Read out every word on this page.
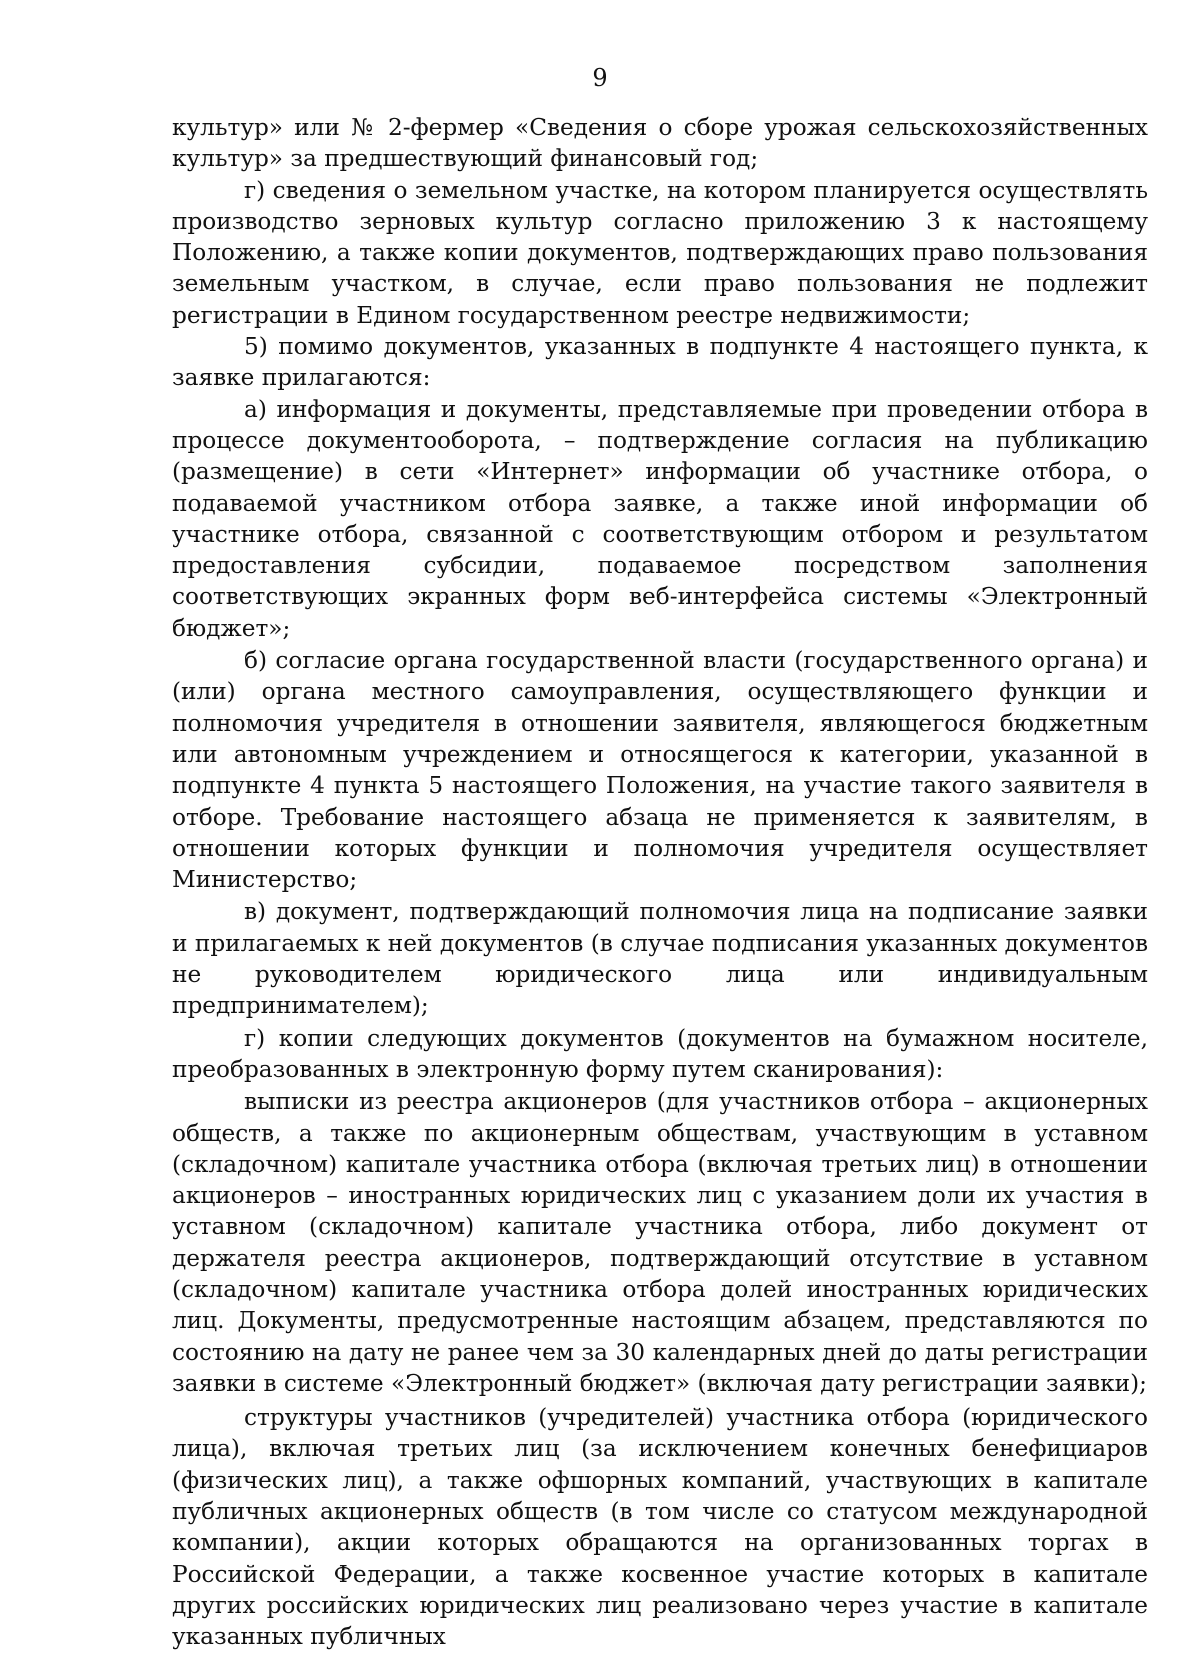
9

культур» или № 2-фермер «Сведения о сборе урожая сельскохозяйственных культур» за предшествующий финансовый год;

г) сведения о земельном участке, на котором планируется осуществлять производство зерновых культур согласно приложению 3 к настоящему Положению, а также копии документов, подтверждающих право пользования земельным участком, в случае, если право пользования не подлежит регистрации в Едином государственном реестре недвижимости;

5) помимо документов, указанных в подпункте 4 настоящего пункта, к заявке прилагаются:

а) информация и документы, представляемые при проведении отбора в процессе документооборота, – подтверждение согласия на публикацию (размещение) в сети «Интернет» информации об участнике отбора, о подаваемой участником отбора заявке, а также иной информации об участнике отбора, связанной с соответствующим отбором и результатом предоставления субсидии, подаваемое посредством заполнения соответствующих экранных форм веб-интерфейса системы «Электронный бюджет»;

б) согласие органа государственной власти (государственного органа) и (или) органа местного самоуправления, осуществляющего функции и полномочия учредителя в отношении заявителя, являющегося бюджетным или автономным учреждением и относящегося к категории, указанной в подпункте 4 пункта 5 настоящего Положения, на участие такого заявителя в отборе. Требование настоящего абзаца не применяется к заявителям, в отношении которых функции и полномочия учредителя осуществляет Министерство;

в) документ, подтверждающий полномочия лица на подписание заявки и прилагаемых к ней документов (в случае подписания указанных документов не руководителем юридического лица или индивидуальным предпринимателем);

г) копии следующих документов (документов на бумажном носителе, преобразованных в электронную форму путем сканирования):

выписки из реестра акционеров (для участников отбора – акционерных обществ, а также по акционерным обществам, участвующим в уставном (складочном) капитале участника отбора (включая третьих лиц) в отношении акционеров – иностранных юридических лиц с указанием доли их участия в уставном (складочном) капитале участника отбора, либо документ от держателя реестра акционеров, подтверждающий отсутствие в уставном (складочном) капитале участника отбора долей иностранных юридических лиц. Документы, предусмотренные настоящим абзацем, представляются по состоянию на дату не ранее чем за 30 календарных дней до даты регистрации заявки в системе «Электронный бюджет» (включая дату регистрации заявки);

структуры участников (учредителей) участника отбора (юридического лица), включая третьих лиц (за исключением конечных бенефициаров (физических лиц), а также офшорных компаний, участвующих в капитале публичных акционерных обществ (в том числе со статусом международной компании), акции которых обращаются на организованных торгах в Российской Федерации, а также косвенное участие которых в капитале других российских юридических лиц реализовано через участие в капитале указанных публичных
